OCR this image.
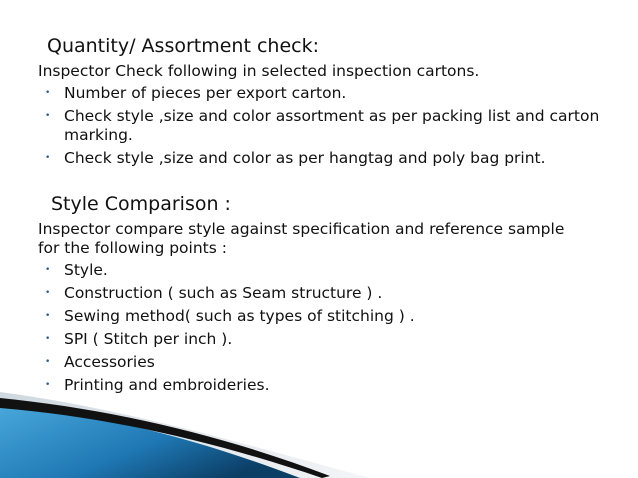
Quantity/ Assortment check:
Inspector Check following in selected inspection cartons.
• Number of pieces per export carton.
• Check style ,size and color assortment as per packing list and carton marking.
• Check style ,size and color as per hangtag and poly bag print.
Style Comparison :
Inspector compare style against specification and reference sample for the following points :
• Style.
• Construction ( such as Seam structure ) .
• Sewing method( such as types of stitching ) .
• SPI ( Stitch per inch ).
• Accessories
• Printing and embroideries.
